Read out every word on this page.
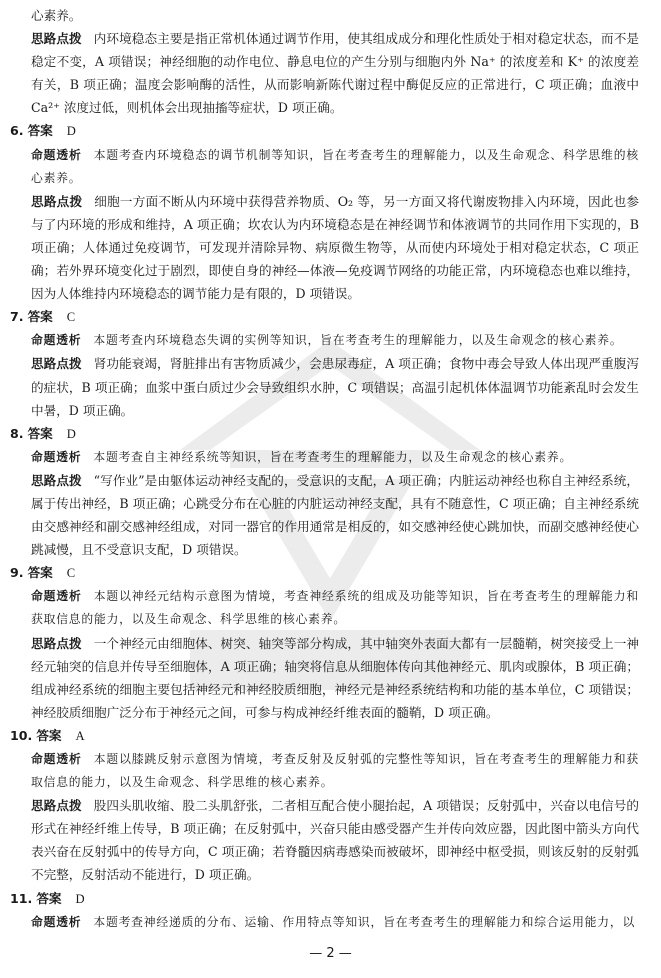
心素养。

思路点拨 内环境稳态主要是指正常机体通过调节作用，使其组成成分和理化性质处于相对稳定状态，而不是稳定不变，A 项错误；神经细胞的动作电位、静息电位的产生分别与细胞内外 Na⁺ 的浓度差和 K⁺ 的浓度差有关，B 项正确；温度会影响酶的活性，从而影响新陈代谢过程中酶促反应的正常进行，C 项正确；血液中 Ca²⁺ 浓度过低，则机体会出现抽搐等症状，D 项正确。

6. 答案 D

命题透析 本题考查内环境稳态的调节机制等知识，旨在考查考生的理解能力，以及生命观念、科学思维的核心素养。

思路点拨 细胞一方面不断从内环境中获得营养物质、O₂ 等，另一方面又将代谢废物排入内环境，因此也参与了内环境的形成和维持，A 项正确；坎农认为内环境稳态是在神经调节和体液调节的共同作用下实现的，B 项正确；人体通过免疫调节，可发现并清除异物、病原微生物等，从而使内环境处于相对稳定状态，C 项正确；若外界环境变化过于剧烈，即使自身的神经—体液—免疫调节网络的功能正常，内环境稳态也难以维持，因为人体维持内环境稳态的调节能力是有限的，D 项错误。

7. 答案 C

命题透析 本题考查内环境稳态失调的实例等知识，旨在考查考生的理解能力，以及生命观念的核心素养。

思路点拨 肾功能衰竭，肾脏排出有害物质减少，会患尿毒症，A 项正确；食物中毒会导致人体出现严重腹泻的症状，B 项正确；血浆中蛋白质过少会导致组织水肿，C 项错误；高温引起机体体温调节功能紊乱时会发生中暑，D 项正确。

8. 答案 D

命题透析 本题考查自主神经系统等知识，旨在考查考生的理解能力，以及生命观念的核心素养。

思路点拨 “写作业”是由躯体运动神经支配的，受意识的支配，A 项正确；内脏运动神经也称自主神经系统，属于传出神经，B 项正确；心跳受分布在心脏的内脏运动神经支配，具有不随意性，C 项正确；自主神经系统由交感神经和副交感神经组成，对同一器官的作用通常是相反的，如交感神经使心跳加快，而副交感神经使心跳减慢，且不受意识支配，D 项错误。

9. 答案 C

命题透析 本题以神经元结构示意图为情境，考查神经系统的组成及功能等知识，旨在考查考生的理解能力和获取信息的能力，以及生命观念、科学思维的核心素养。

思路点拨 一个神经元由细胞体、树突、轴突等部分构成，其中轴突外表面大都有一层髓鞘，树突接受上一神经元轴突的信息并传导至细胞体，A 项正确；轴突将信息从细胞体传向其他神经元、肌肉或腺体，B 项正确；组成神经系统的细胞主要包括神经元和神经胶质细胞，神经元是神经系统结构和功能的基本单位，C 项错误；神经胶质细胞广泛分布于神经元之间，可参与构成神经纤维表面的髓鞘，D 项正确。

10. 答案 A

命题透析 本题以膝跳反射示意图为情境，考查反射及反射弧的完整性等知识，旨在考查考生的理解能力和获取信息的能力，以及生命观念、科学思维的核心素养。

思路点拨 股四头肌收缩、股二头肌舒张，二者相互配合使小腿抬起，A 项错误；反射弧中，兴奋以电信号的形式在神经纤维上传导，B 项正确；在反射弧中，兴奋只能由感受器产生并传向效应器，因此图中箭头方向代表兴奋在反射弧中的传导方向，C 项正确；若脊髓因病毒感染而被破坏，即神经中枢受损，则该反射的反射弧不完整，反射活动不能进行，D 项正确。

11. 答案 D

命题透析 本题考查神经递质的分布、运输、作用特点等知识，旨在考查考生的理解能力和综合运用能力，以

— 2 —
